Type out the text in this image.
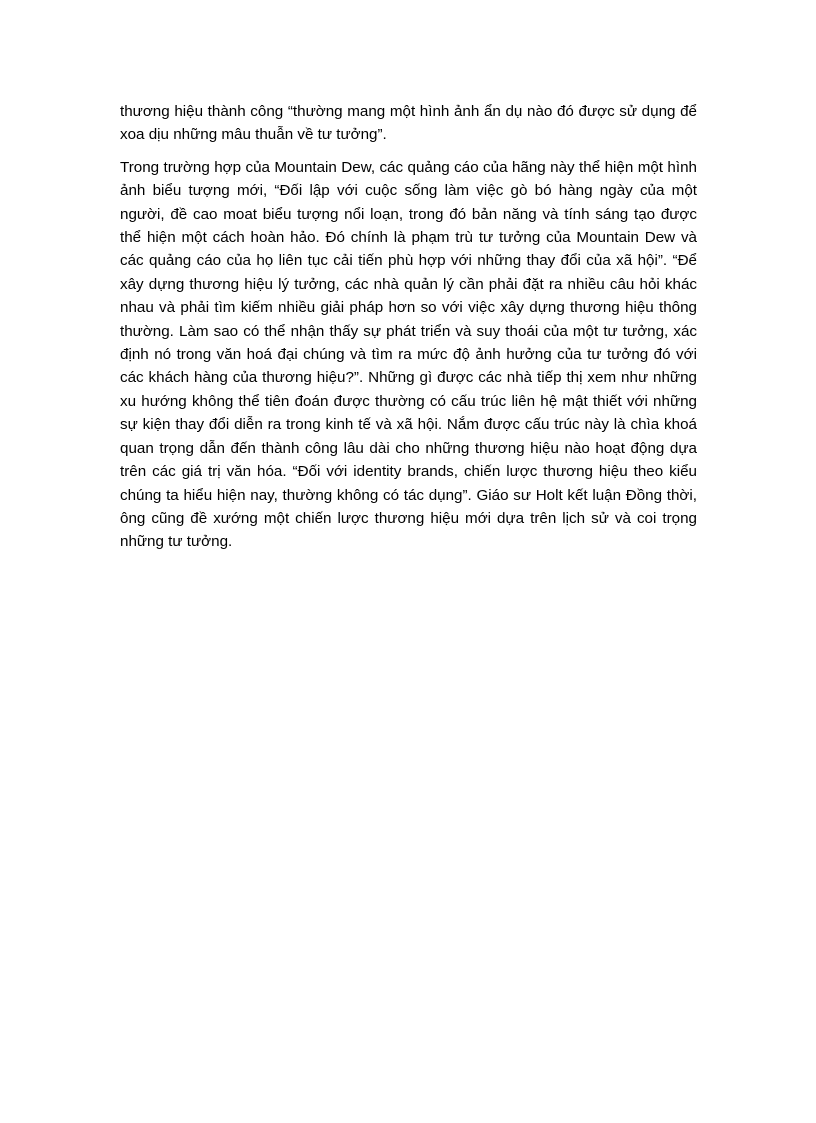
thương hiệu thành công “thường mang một hình ảnh ẩn dụ nào đó được sử dụng để xoa dịu những mâu thuẫn về tư tưởng”.

Trong trường hợp của Mountain Dew, các quảng cáo của hãng này thể hiện một hình ảnh biểu tượng mới, “Đối lập với cuộc sống làm việc gò bó hàng ngày của một người, đề cao moat biểu tượng nổi loạn, trong đó bản năng và tính sáng tạo được thể hiện một cách hoàn hảo. Đó chính là phạm trù tư tưởng của Mountain Dew và các quảng cáo của họ liên tục cải tiến phù hợp với những thay đổi của xã hội”. “Để xây dựng thương hiệu lý tưởng, các nhà quản lý cần phải đặt ra nhiều câu hỏi khác nhau và phải tìm kiếm nhiều giải pháp hơn so với việc xây dựng thương hiệu thông thường. Làm sao có thể nhận thấy sự phát triển và suy thoái của một tư tưởng, xác định nó trong văn hoá đại chúng và tìm ra mức độ ảnh hưởng của tư tưởng đó với các khách hàng của thương hiệu?”. Những gì được các nhà tiếp thị xem như những xu hướng không thể tiên đoán được thường có cấu trúc liên hệ mật thiết với những sự kiện thay đổi diễn ra trong kinh tế và xã hội. Nắm được cấu trúc này là chìa khoá quan trọng dẫn đến thành công lâu dài cho những thương hiệu nào hoạt động dựa trên các giá trị văn hóa. “Đối với identity brands, chiến lược thương hiệu theo kiểu chúng ta hiểu hiện nay, thường không có tác dụng”. Giáo sư Holt kết luận Đồng thời, ông cũng đề xướng một chiến lược thương hiệu mới dựa trên lịch sử và coi trọng những tư tưởng.
